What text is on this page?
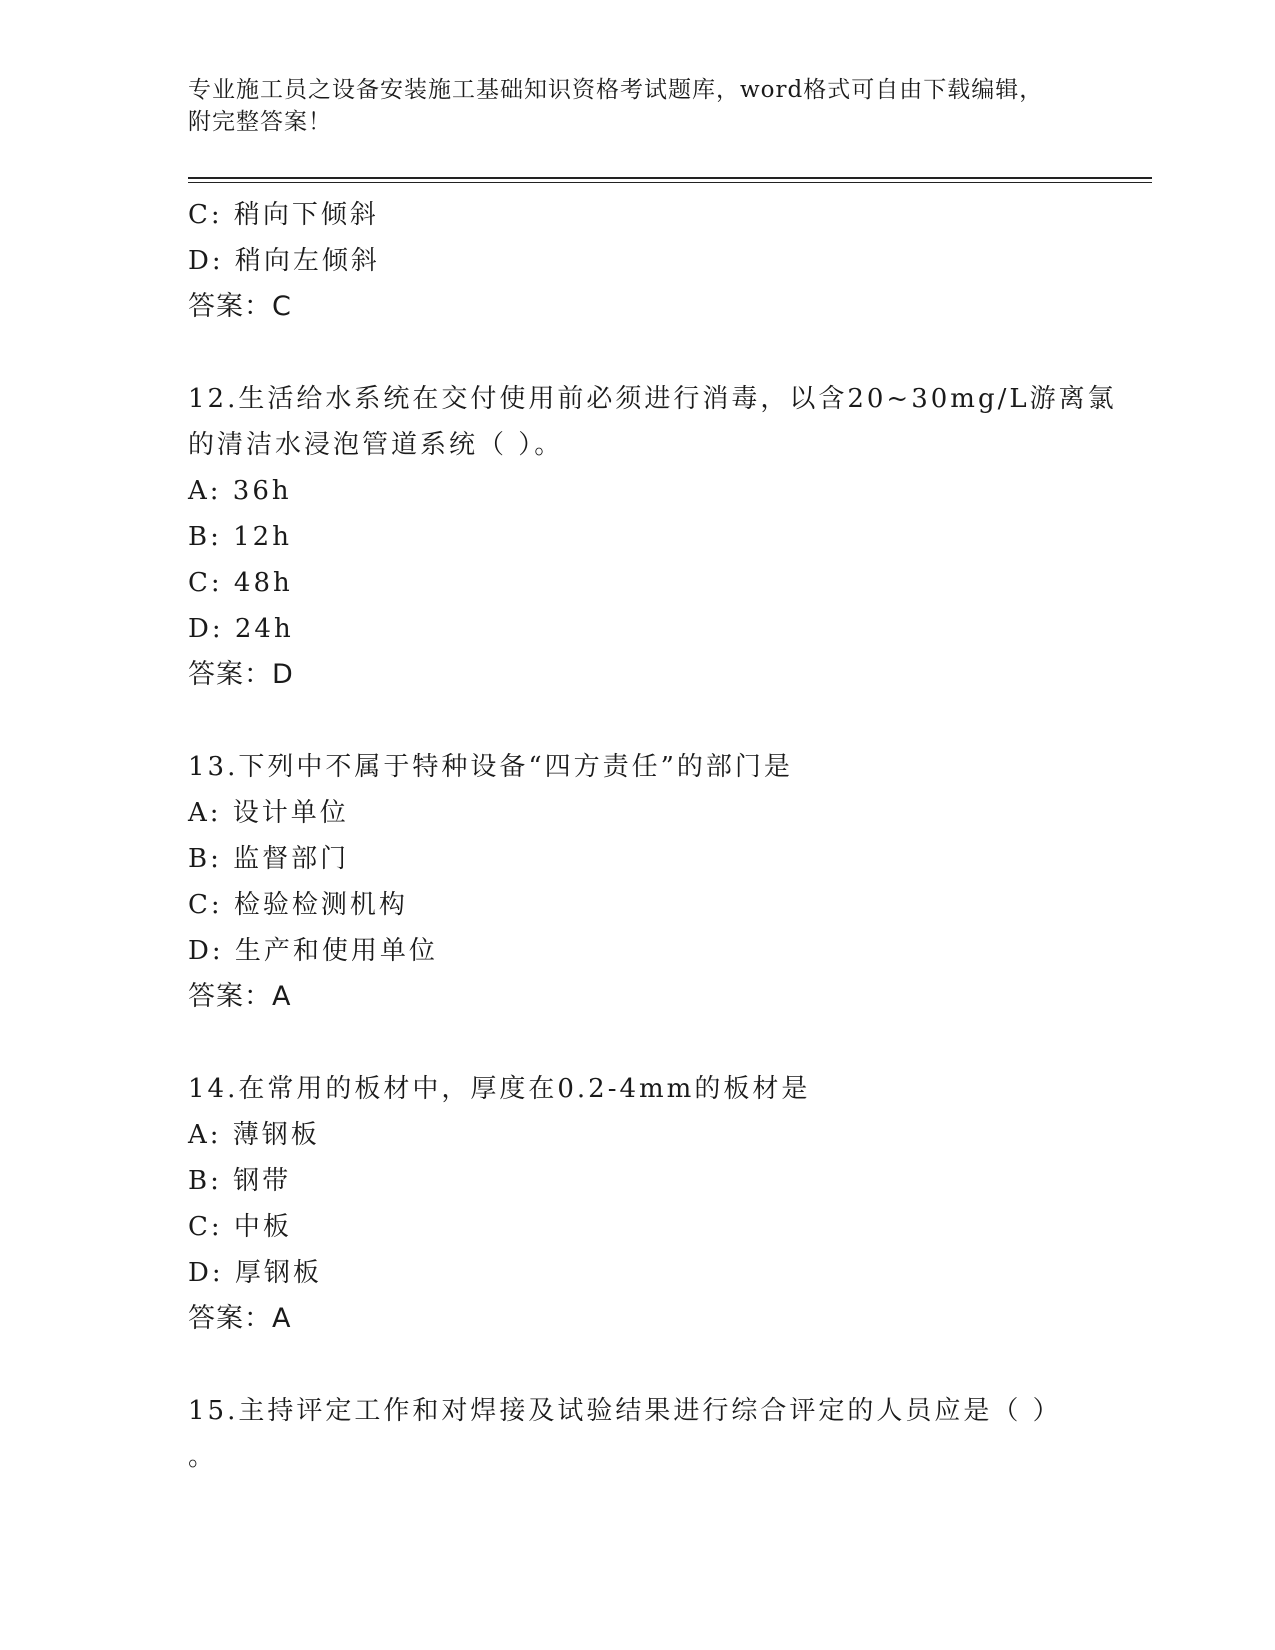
专业施工员之设备安装施工基础知识资格考试题库，word格式可自由下载编辑，
附完整答案！
C: 稍向下倾斜
D: 稍向左倾斜
答案：C
12.生活给水系统在交付使用前必须进行消毒，以含20~30mg/L游离氯
的清洁水浸泡管道系统（ ）。
A: 36h
B: 12h
C: 48h
D: 24h
答案：D
13.下列中不属于特种设备“四方责任”的部门是
A: 设计单位
B: 监督部门
C: 检验检测机构
D: 生产和使用单位
答案：A
14.在常用的板材中，厚度在0.2-4mm的板材是
A: 薄钢板
B: 钢带
C: 中板
D: 厚钢板
答案：A
15.主持评定工作和对焊接及试验结果进行综合评定的人员应是（ ）
。
